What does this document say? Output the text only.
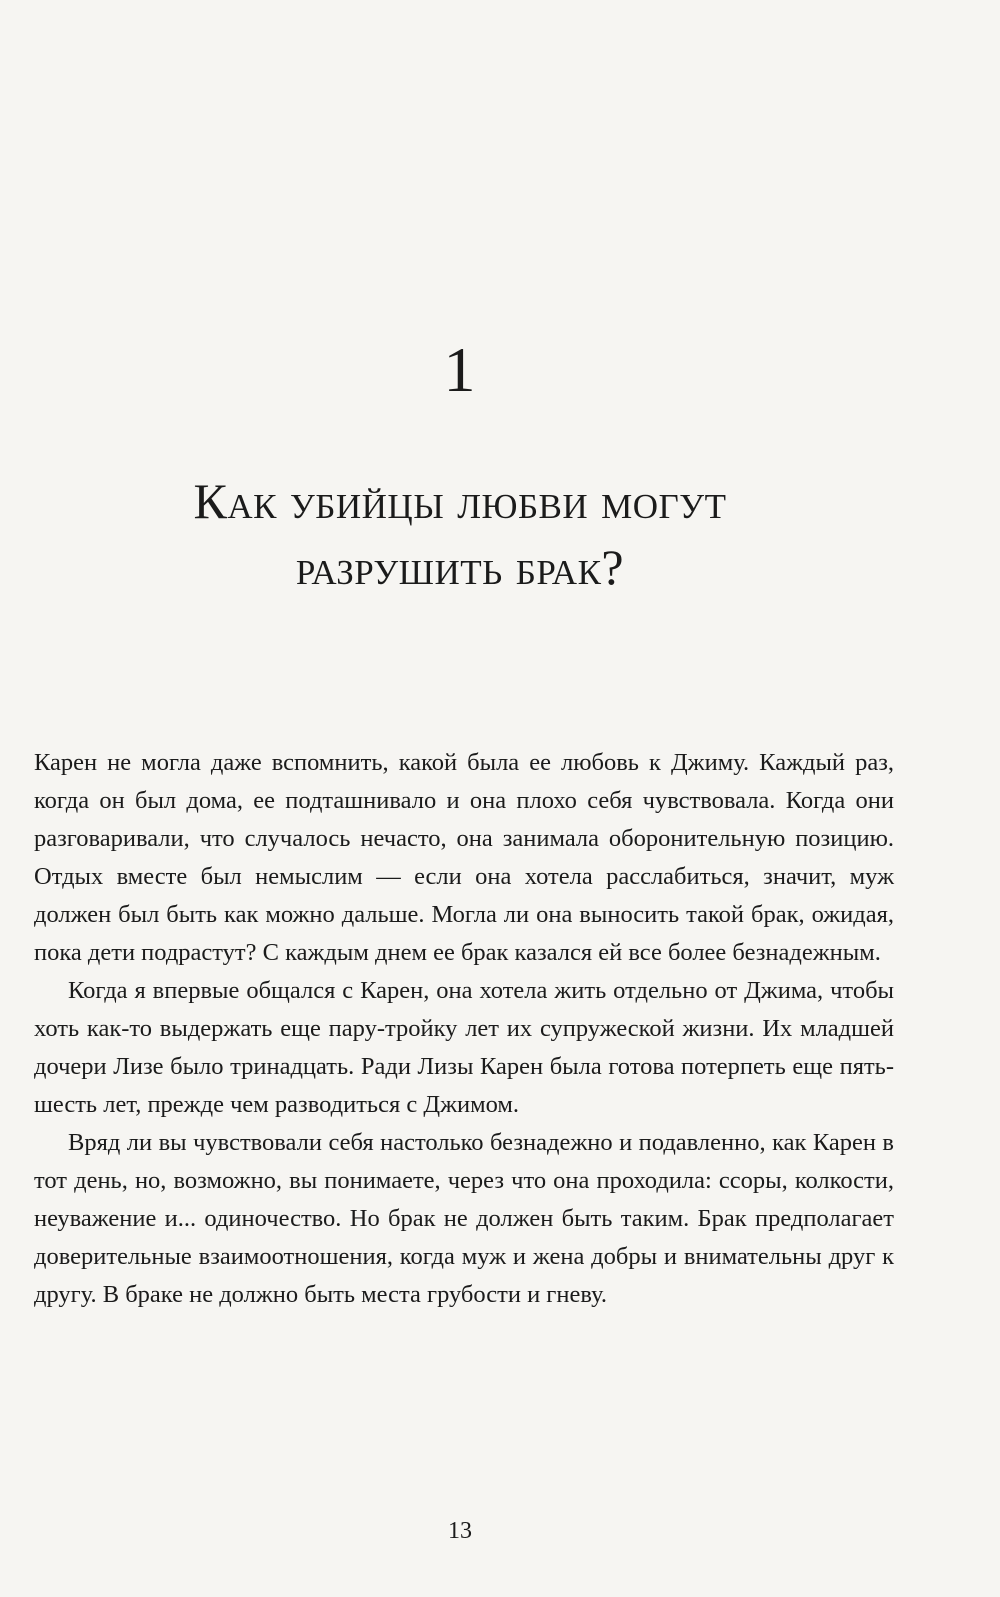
1
Как убийцы любви могут
разрушить брак?

Карен не могла даже вспомнить, какой была ее любовь к Джиму. Каждый раз, когда он был дома, ее подташнивало и она плохо себя чувствовала. Когда они разговаривали, что случалось нечасто, она занимала оборонительную позицию. Отдых вместе был немыслим — если она хотела расслабиться, значит, муж должен был быть как можно дальше. Могла ли она выносить такой брак, ожидая, пока дети подрастут? С каждым днем ее брак казался ей все более безнадежным.

Когда я впервые общался с Карен, она хотела жить отдельно от Джима, чтобы хоть как-то выдержать еще пару-тройку лет их супружеской жизни. Их младшей дочери Лизе было тринадцать. Ради Лизы Карен была готова потерпеть еще пять-шесть лет, прежде чем разводиться с Джимом.

Вряд ли вы чувствовали себя настолько безнадежно и подавленно, как Карен в тот день, но, возможно, вы понимаете, через что она проходила: ссоры, колкости, неуважение и... одиночество. Но брак не должен быть таким. Брак предполагает доверительные взаимоотношения, когда муж и жена добры и внимательны друг к другу. В браке не должно быть места грубости и гневу.

13
